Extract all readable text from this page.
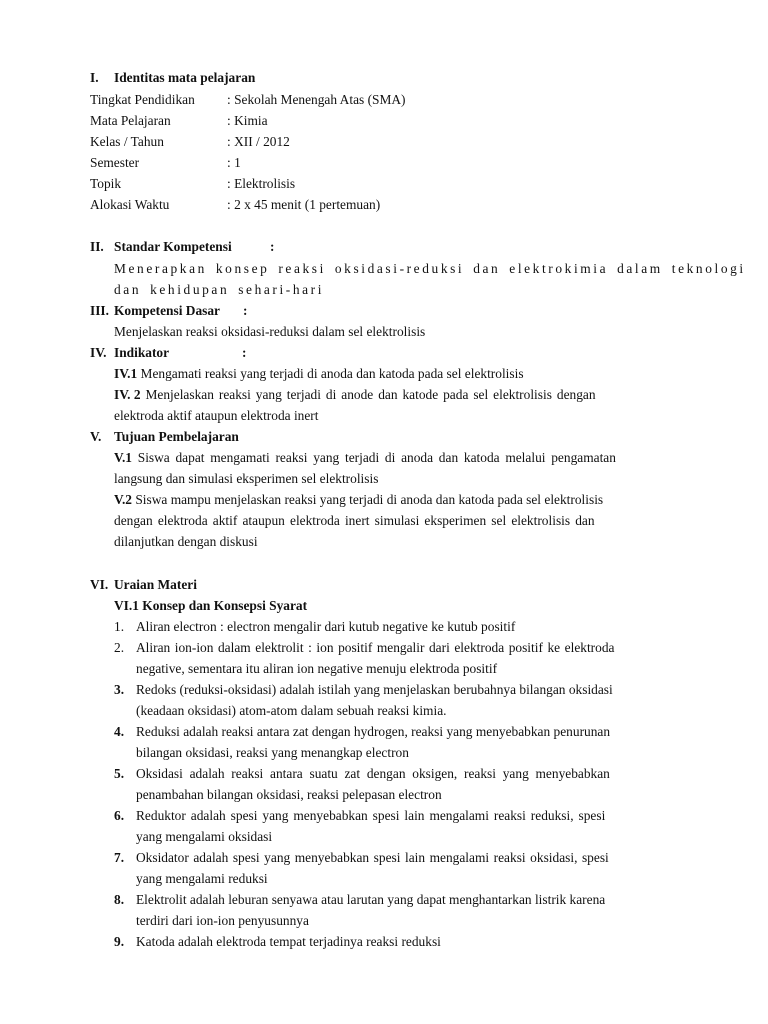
I. Identitas mata pelajaran
Tingkat Pendidikan : Sekolah Menengah Atas (SMA)
Mata Pelajaran	: Kimia
Kelas / Tahun	: XII / 2012
Semester	: 1
Topik	: Elektrolisis
Alokasi Waktu	: 2 x 45 menit (1 pertemuan)
II. Standar Kompetensi	:
Menerapkan konsep reaksi oksidasi-reduksi dan elektrokimia dalam teknologi
dan kehidupan sehari-hari
III. Kompetensi Dasar :
Menjelaskan reaksi oksidasi-reduksi dalam sel elektrolisis
IV. Indikator	:
IV.1 Mengamati reaksi yang terjadi di anoda dan katoda pada sel elektrolisis
IV. 2 Menjelaskan reaksi yang terjadi di anode dan katode pada sel elektrolisis dengan
elektroda aktif ataupun elektroda inert
V. Tujuan Pembelajaran
V.1 Siswa dapat mengamati reaksi yang terjadi di anoda dan katoda melalui pengamatan
langsung dan simulasi eksperimen sel elektrolisis
V.2 Siswa mampu menjelaskan reaksi yang terjadi di anoda dan katoda pada sel elektrolisis
dengan elektroda aktif ataupun elektroda inert simulasi eksperimen sel elektrolisis dan
dilanjutkan dengan diskusi
VI. Uraian Materi
VI.1 Konsep dan Konsepsi Syarat
1. Aliran electron : electron mengalir dari kutub negative ke kutub positif
2. Aliran ion-ion dalam elektrolit : ion positif mengalir dari elektroda positif ke elektroda
negative, sementara itu aliran ion negative menuju elektroda positif
3. Redoks (reduksi-oksidasi) adalah istilah yang menjelaskan berubahnya bilangan oksidasi
(keadaan oksidasi) atom-atom dalam sebuah reaksi kimia.
4. Reduksi adalah reaksi antara zat dengan hydrogen, reaksi yang menyebabkan penurunan
bilangan oksidasi, reaksi yang menangkap electron
5. Oksidasi adalah reaksi antara suatu zat dengan oksigen, reaksi yang menyebabkan
penambahan bilangan oksidasi, reaksi pelepasan electron
6. Reduktor adalah spesi yang menyebabkan spesi lain mengalami reaksi reduksi, spesi
yang mengalami oksidasi
7. Oksidator adalah spesi yang menyebabkan spesi lain mengalami reaksi oksidasi, spesi
yang mengalami reduksi
8. Elektrolit adalah leburan senyawa atau larutan yang dapat menghantarkan listrik karena
terdiri dari ion-ion penyusunnya
9. Katoda adalah elektroda tempat terjadinya reaksi reduksi
